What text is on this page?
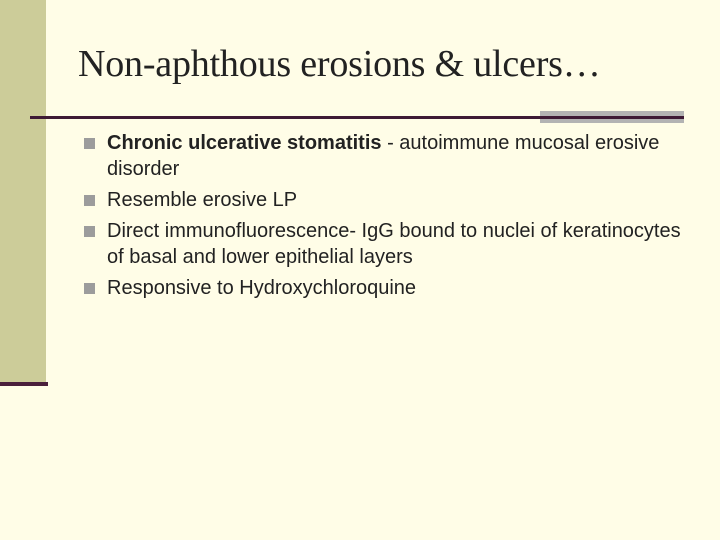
Non-aphthous erosions & ulcers…
Chronic ulcerative stomatitis - autoimmune mucosal erosive disorder
Resemble erosive LP
Direct immunofluorescence- IgG bound to nuclei of keratinocytes of basal and lower epithelial layers
Responsive to Hydroxychloroquine
